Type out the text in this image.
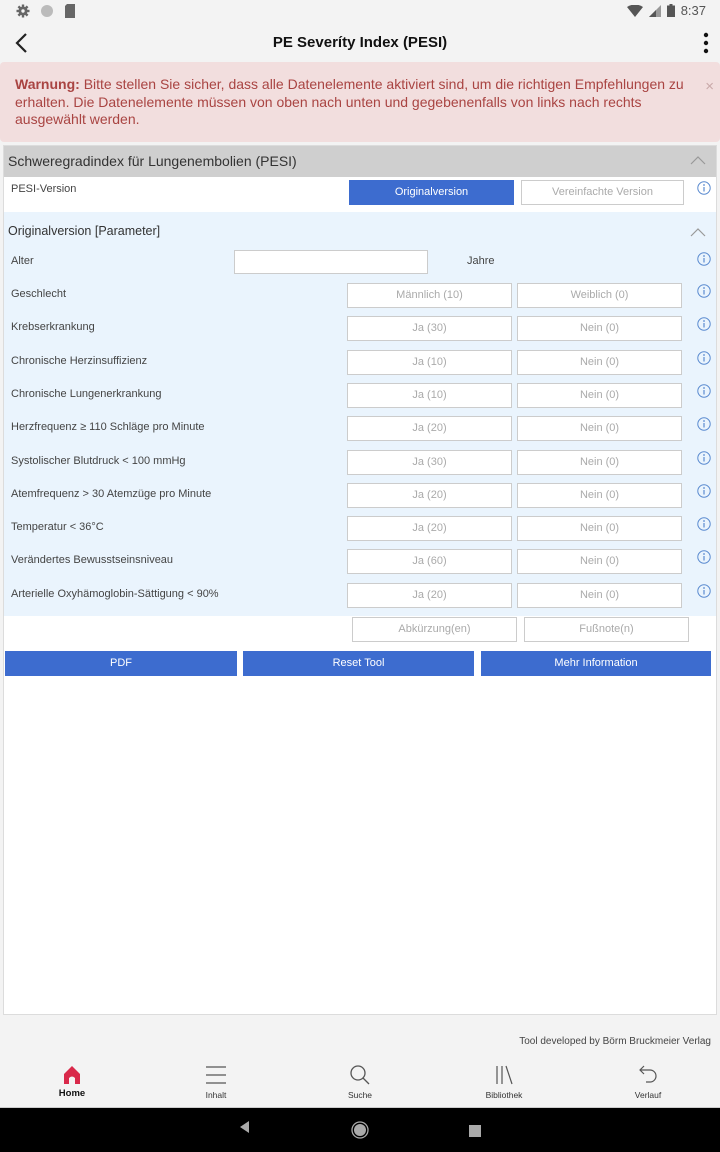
8:37
PE Severíty Index (PESI)
Warnung: Bitte stellen Sie sicher, dass alle Datenelemente aktiviert sind, um die richtigen Empfehlungen zu erhalten. Die Datenelemente müssen von oben nach unten und gegebenenfalls von links nach rechts ausgewählt werden.
×
Schweregradindex für Lungenembolien (PESI)
PESI-Version	Originalversion	Vereinfachte Version
Originalversion [Parameter]
Alter	Jahre
Geschlecht	Männlich (10)	Weiblich (0)
Krebserkrankung	Ja (30)	Nein (0)
Chronische Herzinsuffizienz	Ja (10)	Nein (0)
Chronische Lungenerkrankung	Ja (10)	Nein (0)
Herzfrequenz ≥ 110 Schläge pro Minute	Ja (20)	Nein (0)
Systolischer Blutdruck < 100 mmHg	Ja (30)	Nein (0)
Atemfrequenz > 30 Atemzüge pro Minute	Ja (20)	Nein (0)
Temperatur < 36°C	Ja (20)	Nein (0)
Verändertes Bewusstseinsniveau	Ja (60)	Nein (0)
Arterielle Oxyhämoglobin-Sättigung < 90%	Ja (20)	Nein (0)
Abkürzung(en)	Fußnote(n)
PDF	Reset Tool	Mehr Information
Tool developed by Börm Bruckmeier Verlag
Home	Inhalt	Suche	Bibliothek	Verlauf
